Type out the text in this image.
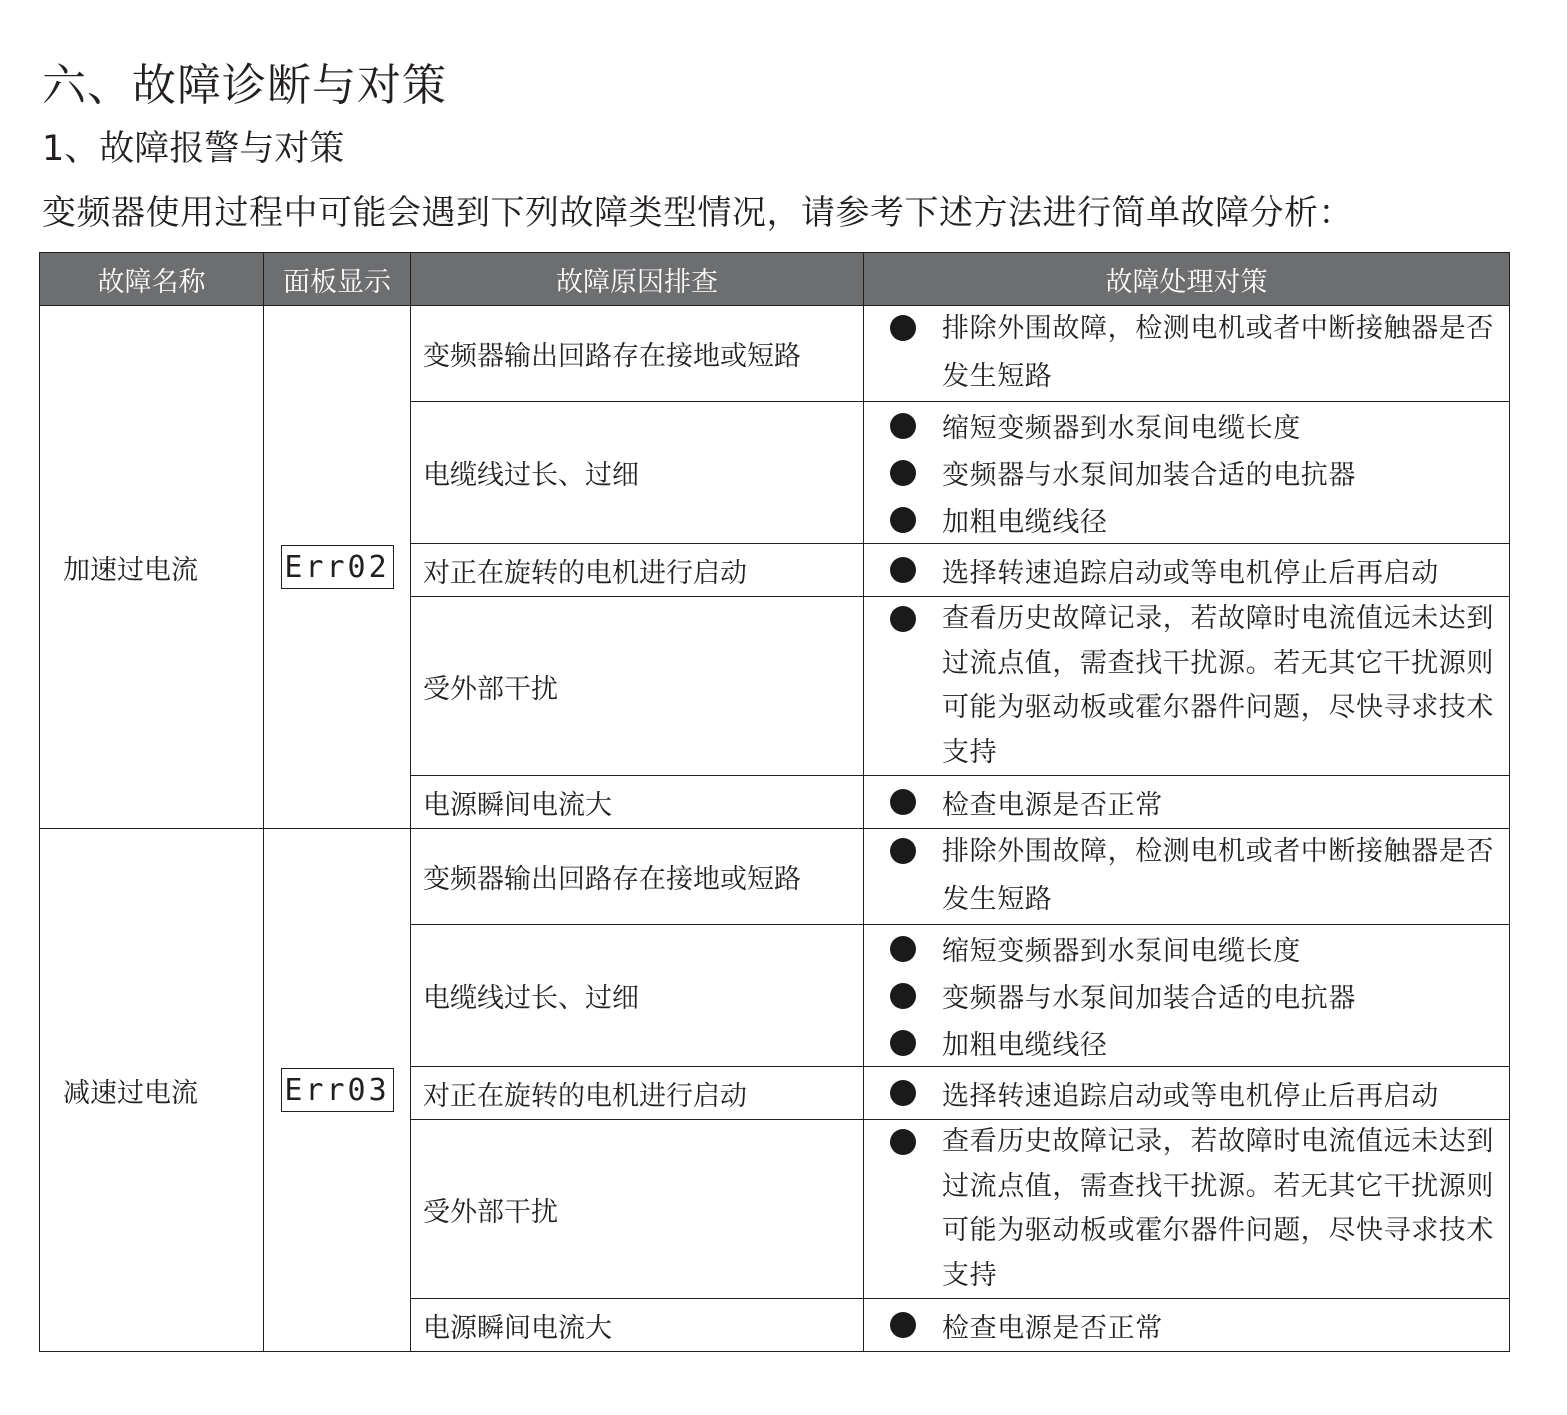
六、故障诊断与对策
1、故障报警与对策
变频器使用过程中可能会遇到下列故障类型情况，请参考下述方法进行简单故障分析：
故障名称	面板显示	故障原因排查	故障处理对策
加速过电流	Err02	变频器输出回路存在接地或短路	排除外围故障，检测电机或者中断接触器是否发生短路

		电缆线过长、过细	缩短变频器到水泵间电缆长度
变频器与水泵间加装合适的电抗器
加粗电缆线径

		对正在旋转的电机进行启动	选择转速追踪启动或等电机停止后再启动

		受外部干扰	查看历史故障记录，若故障时电流值远未达到过流点值，需查找干扰源。若无其它干扰源则可能为驱动板或霍尔器件问题，尽快寻求技术支持

		电源瞬间电流大	检查电源是否正常

减速过电流	Err03	变频器输出回路存在接地或短路	排除外围故障，检测电机或者中断接触器是否发生短路

		电缆线过长、过细	缩短变频器到水泵间电缆长度
变频器与水泵间加装合适的电抗器
加粗电缆线径

		对正在旋转的电机进行启动	选择转速追踪启动或等电机停止后再启动

		受外部干扰	查看历史故障记录，若故障时电流值远未达到过流点值，需查找干扰源。若无其它干扰源则可能为驱动板或霍尔器件问题，尽快寻求技术支持

		电源瞬间电流大	检查电源是否正常
